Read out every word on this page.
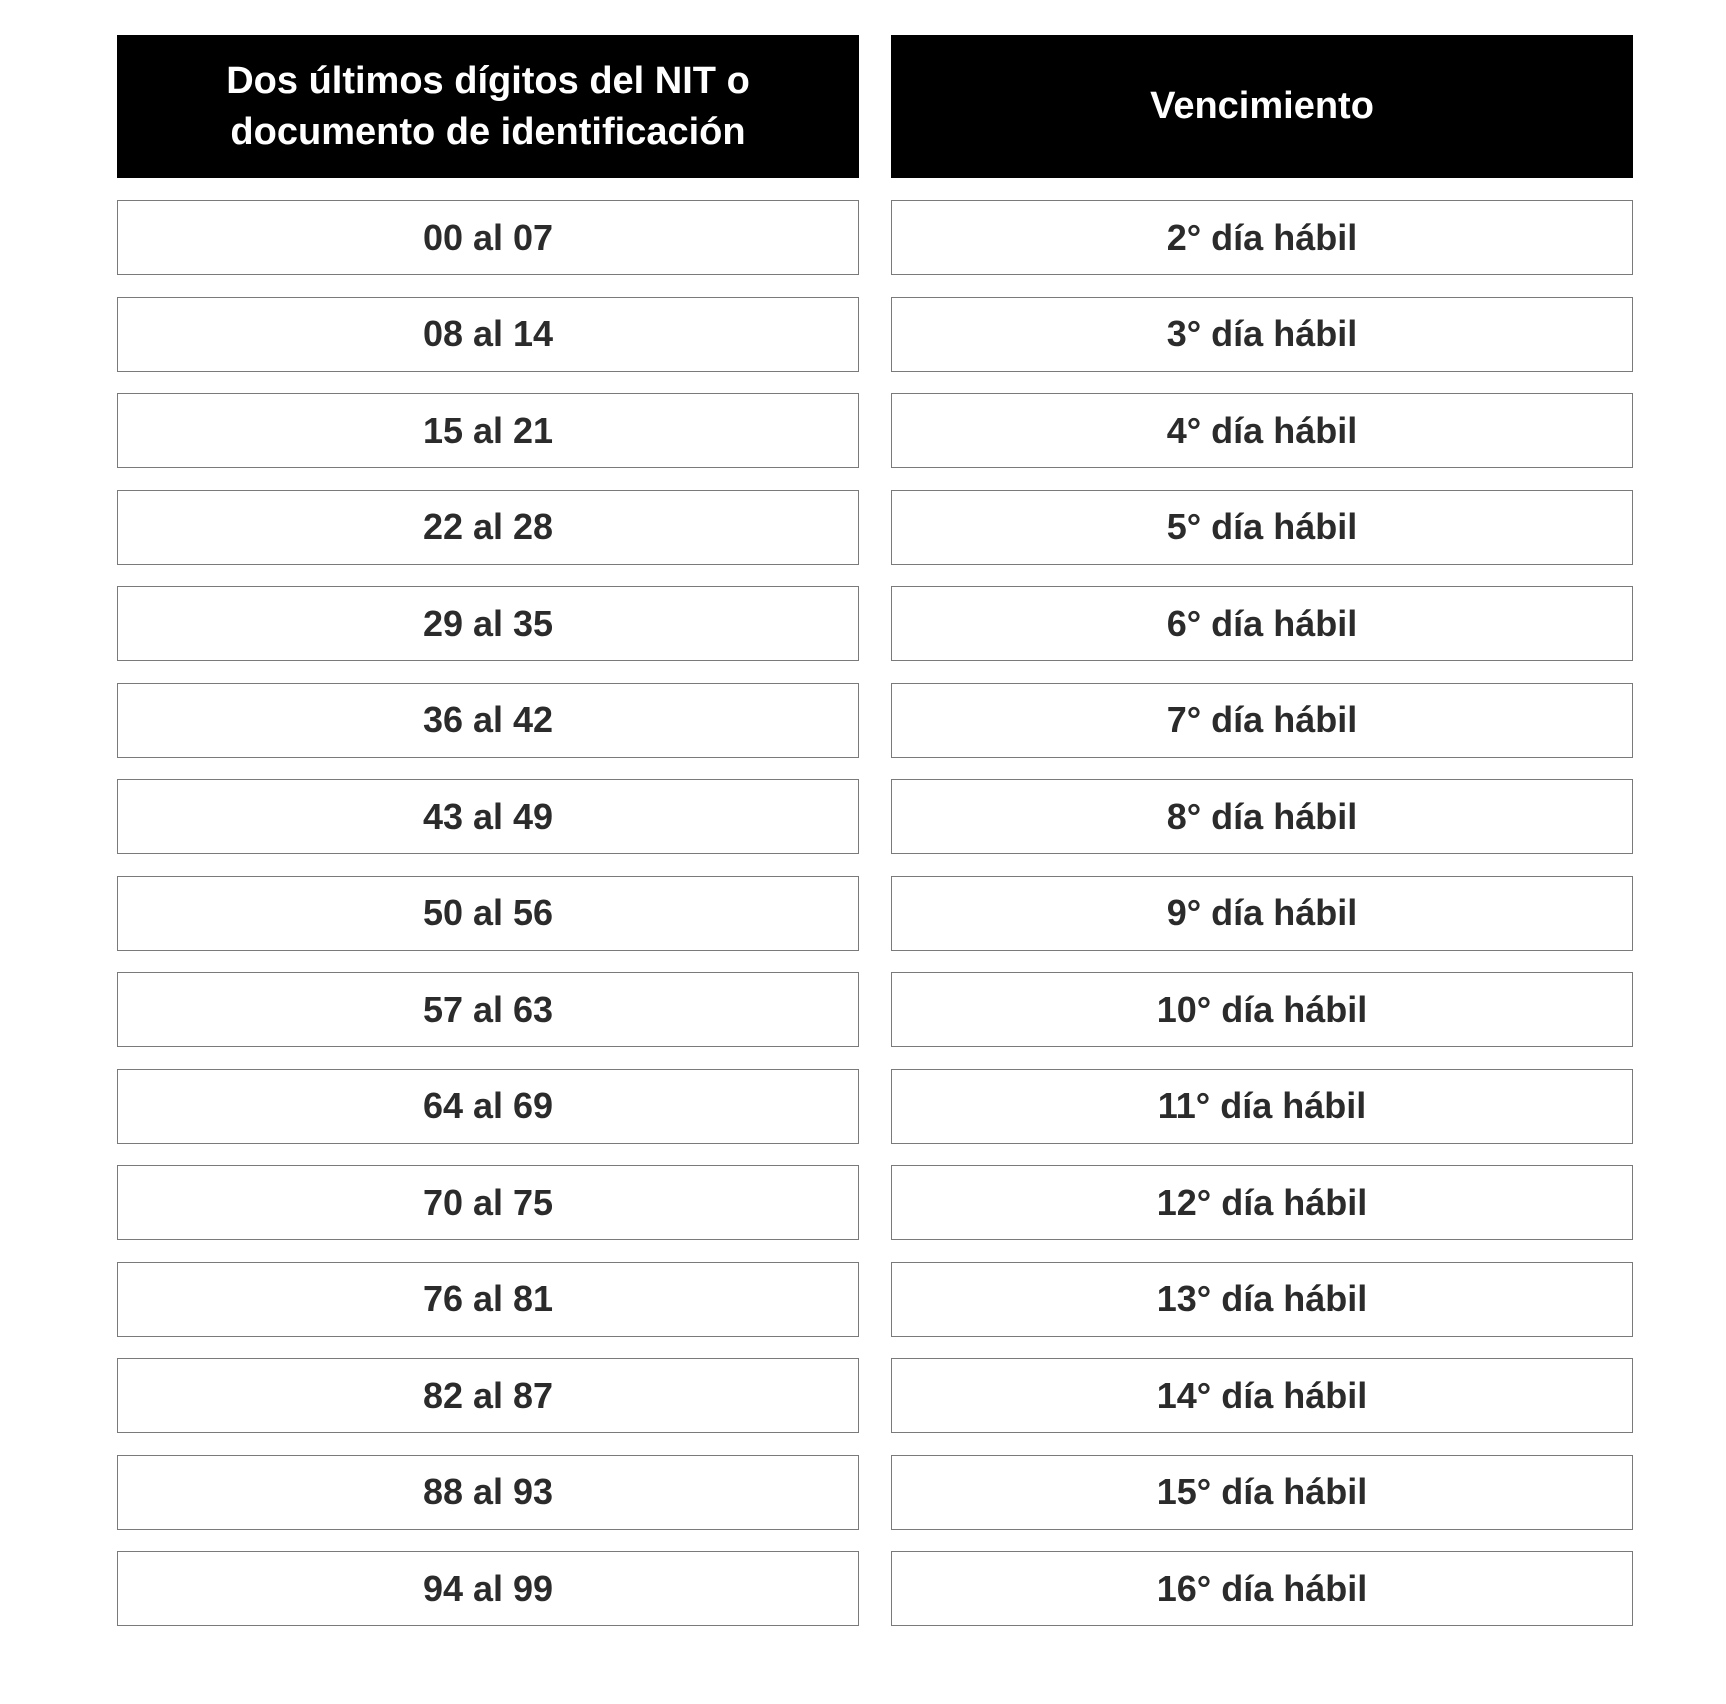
Dos últimos dígitos del NIT o documento de identificación
00 al 07
08 al 14
15 al 21
22 al 28
29 al 35
36 al 42
43 al 49
50 al 56
57 al 63
64 al 69
70 al 75
76 al 81
82 al 87
88 al 93
94 al 99
Vencimiento
2° día hábil
3° día hábil
4° día hábil
5° día hábil
6° día hábil
7° día hábil
8° día hábil
9° día hábil
10° día hábil
11° día hábil
12° día hábil
13° día hábil
14° día hábil
15° día hábil
16° día hábil
